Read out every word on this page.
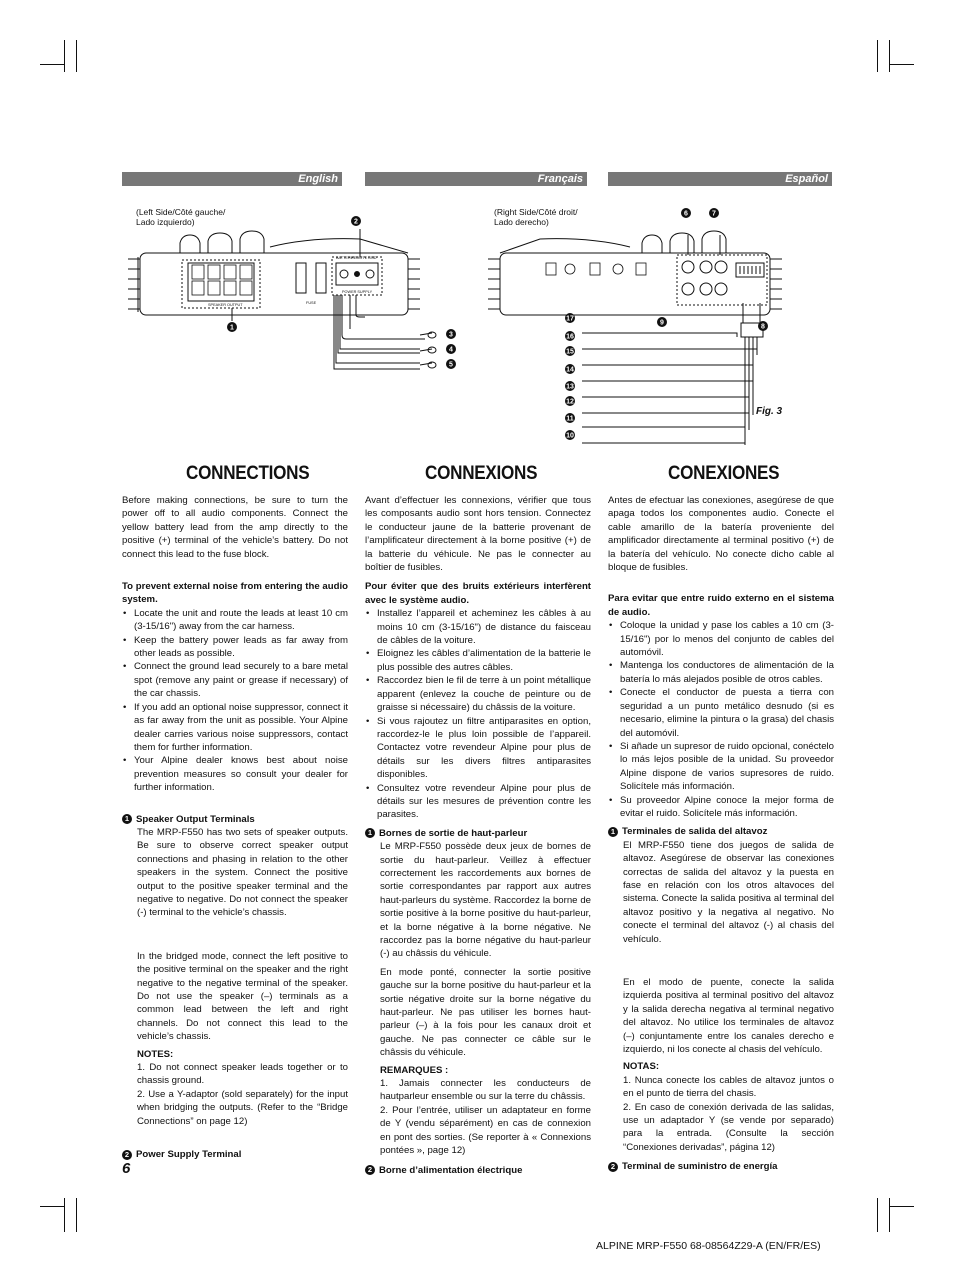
English	Français	Español
(Left Side/Côté gauche/
Lado izquierdo)
(Right Side/Côté droit/
Lado derecho)
Fig. 3
SPEAKER OUTPUT
POWER SUPPLY
FUSE
BATTERY
REMOTE GND
2
1
3
4
5
6	7
9
8
17
16
15
14
13
12
11
10
CONNECTIONS	CONNEXIONS	CONEXIONES

Before making connections, be sure to turn the power off to all audio components. Connect the yellow battery lead from the amp directly to the positive (+) terminal of the vehicle’s battery. Do not connect this lead to the fuse block.

To prevent external noise from entering the audio system.

• Locate the unit and route the leads at least 10 cm (3-15/16") away from the car harness.
• Keep the battery power leads as far away from other leads as possible.
• Connect the ground lead securely to a bare metal spot (remove any paint or grease if necessary) of the car chassis.
• If you add an optional noise suppressor, connect it as far away from the unit as possible. Your Alpine dealer carries various noise suppressors, contact them for further information.
• Your Alpine dealer knows best about noise prevention measures so consult your dealer for further information.

1 Speaker Output Terminals

The MRP-F550 has two sets of speaker outputs. Be sure to observe correct speaker output connections and phasing in relation to the other speakers in the system. Connect the positive output to the positive speaker terminal and the negative to negative. Do not connect the speaker (-) terminal to the vehicle’s chassis.

In the bridged mode, connect the left positive to the positive terminal on the speaker and the right negative to the negative terminal of the speaker. Do not use the speaker (–) terminals as a common lead between the left and right channels. Do not connect this lead to the vehicle’s chassis.

NOTES:

1. Do not connect speaker leads together or to chassis ground.

2. Use a Y-adaptor (sold separately) for the input when bridging the outputs. (Refer to the “Bridge Connections” on page 12)

2 Power Supply Terminal

Avant d’effectuer les connexions, vérifier que tous les composants audio sont hors tension. Connectez le conducteur jaune de la batterie provenant de l’amplificateur directement à la borne positive (+) de la batterie du véhicule. Ne pas le connecter au boîtier de fusibles.

Pour éviter que des bruits extérieurs interfèrent avec le système audio.

• Installez l’appareil et acheminez les câbles à au moins 10 cm (3-15/16") de distance du faisceau de câbles de la voiture.
• Eloignez les câbles d’alimentation de la batterie le plus possible des autres câbles.
• Raccordez bien le fil de terre à un point métallique apparent (enlevez la couche de peinture ou de graisse si nécessaire) du châssis de la voiture.
• Si vous rajoutez un filtre antiparasites en option, raccordez-le le plus loin possible de l’appareil. Contactez votre revendeur Alpine pour plus de détails sur les divers filtres antiparasites disponibles.
• Consultez votre revendeur Alpine pour plus de détails sur les mesures de prévention contre les parasites.

1 Bornes de sortie de haut-parleur

Le MRP-F550 possède deux jeux de bornes de sortie du haut-parleur. Veillez à effectuer correctement les raccordements aux bornes de sortie correspondantes par rapport aux autres haut-parleurs du système. Raccordez la borne de sortie positive à la borne positive du haut-parleur, et la borne négative à la borne négative. Ne raccordez pas la borne négative du haut-parleur (-) au châssis du véhicule.

En mode ponté, connecter la sortie positive gauche sur la borne positive du haut-parleur et la sortie négative droite sur la borne négative du haut-parleur. Ne pas utiliser les bornes haut-parleur (–) à la fois pour les canaux droit et gauche. Ne pas connecter ce câble sur le châssis du véhicule.

REMARQUES :

1. Jamais connecter les conducteurs de hautparleur ensemble ou sur la terre du châssis.

2. Pour l’entrée, utiliser un adaptateur en forme de Y (vendu séparément) en cas de connexion en pont des sorties. (Se reporter à « Connexions pontées », page 12)

2 Borne d’alimentation électrique

Antes de efectuar las conexiones, asegúrese de que apaga todos los componentes audio. Conecte el cable amarillo de la batería proveniente del amplificador directamente al terminal positivo (+) de la batería del vehículo. No conecte dicho cable al bloque de fusibles.

Para evitar que entre ruido externo en el sistema de audio.

• Coloque la unidad y pase los cables a 10 cm (3-15/16") por lo menos del conjunto de cables del automóvil.
• Mantenga los conductores de alimentación de la batería lo más alejados posible de otros cables.
• Conecte el conductor de puesta a tierra con seguridad a un punto metálico desnudo (si es necesario, elimine la pintura o la grasa) del chasis del automóvil.
• Si añade un supresor de ruido opcional, conéctelo lo más lejos posible de la unidad. Su proveedor Alpine dispone de varios supresores de ruido. Solicítele más información.
• Su proveedor Alpine conoce la mejor forma de evitar el ruido. Solicítele más información.

1 Terminales de salida del altavoz

El MRP-F550 tiene dos juegos de salida de altavoz. Asegúrese de observar las conexiones correctas de salida del altavoz y la puesta en fase en relación con los otros altavoces del sistema. Conecte la salida positiva al terminal del altavoz positivo y la negativa al negativo. No conecte el terminal del altavoz (-) al chasis del vehículo.

En el modo de puente, conecte la salida izquierda positiva al terminal positivo del altavoz y la salida derecha negativa al terminal negativo del altavoz. No utilice los terminales de altavoz (–) conjuntamente entre los canales derecho e izquierdo, ni los conecte al chasis del vehículo.

NOTAS:

1. Nunca conecte los cables de altavoz juntos o en el punto de tierra del chasis.

2. En caso de conexión derivada de las salidas, use un adaptador Y (se vende por separado) para la entrada. (Consulte la sección “Conexiones derivadas”, página 12)

2 Terminal de suministro de energía

6
ALPINE MRP-F550 68-08564Z29-A (EN/FR/ES)
